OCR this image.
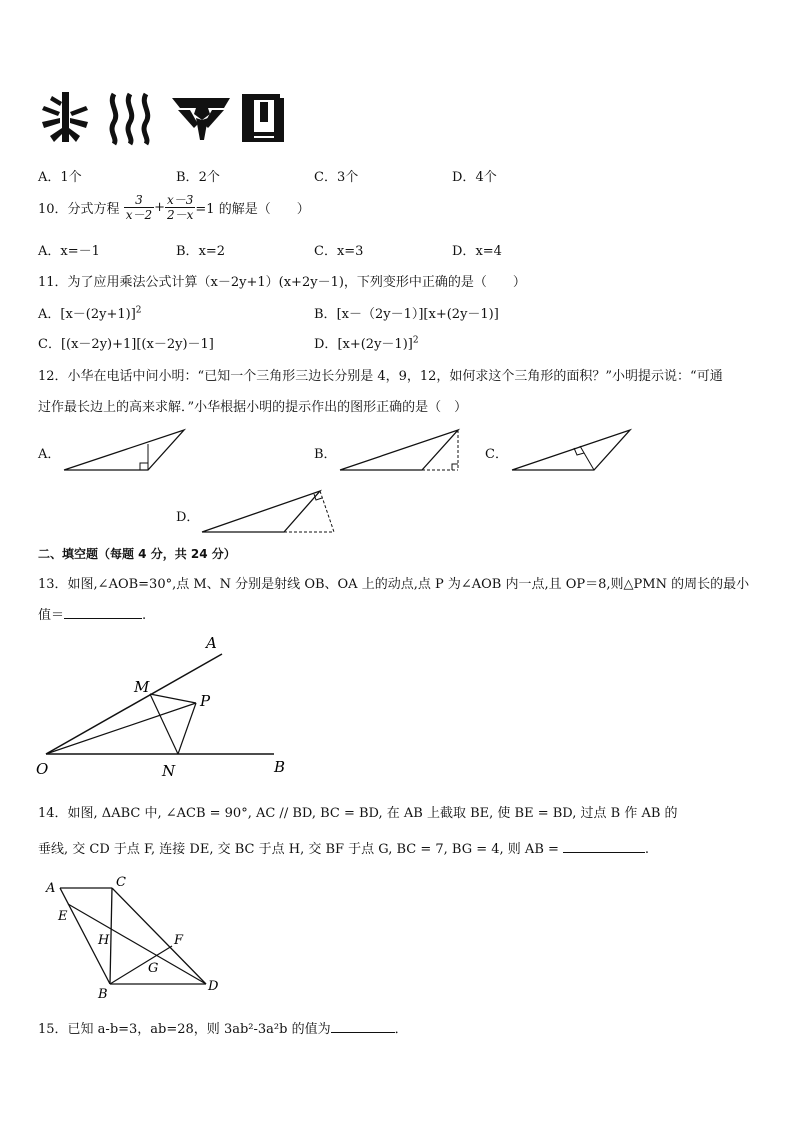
A．1个	B．2个	C．3个	D．4个
10．分式方程 $\frac{3}{x-2} + \frac{x-3}{2-x} =1$ 的解是（　　）
A．x=－1	B．x=2	C．x=3	D．x=4
11．为了应用乘法公式计算（x－2y+1）(x+2y－1)，下列变形中正确的是（　　）
A．$[x-(2y+1)]^2$	B．[x－（2y－1）][x+(2y－1)]
C．[(x－2y)+1][(x－2y)－1]	D．$[x+(2y-1)]^2$
12．小华在电话中问小明：“已知一个三角形三边长分别是 4，9，12，如何求这个三角形的面积？”小明提示说：“可通
过作最长边上的高来求解．”小华根据小明的提示作出的图形正确的是（　）
A．	B．	C．
D．
二、填空题（每题 4 分，共 24 分）
13．如图,∠AOB=30°,点 M、N 分别是射线 OB、OA 上的动点,点 P 为∠AOB 内一点,且 OP＝8,则△PMN 的周长的最小
值＝	.
A
M
P
O	N	B
14．如图, ΔABC 中, ∠ACB = 90°, AC // BD, BC = BD, 在 AB 上截取 BE, 使 BE = BD, 过点 B 作 AB 的
垂线, 交 CD 于点 F, 连接 DE, 交 BC 于点 H, 交 BF 于点 G, BC = 7, BG = 4, 则 AB =	.
A	C
E
H	F
G
B
D
15．已知 a-b=3，ab=28，则 3ab²-3a²b 的值为	．
